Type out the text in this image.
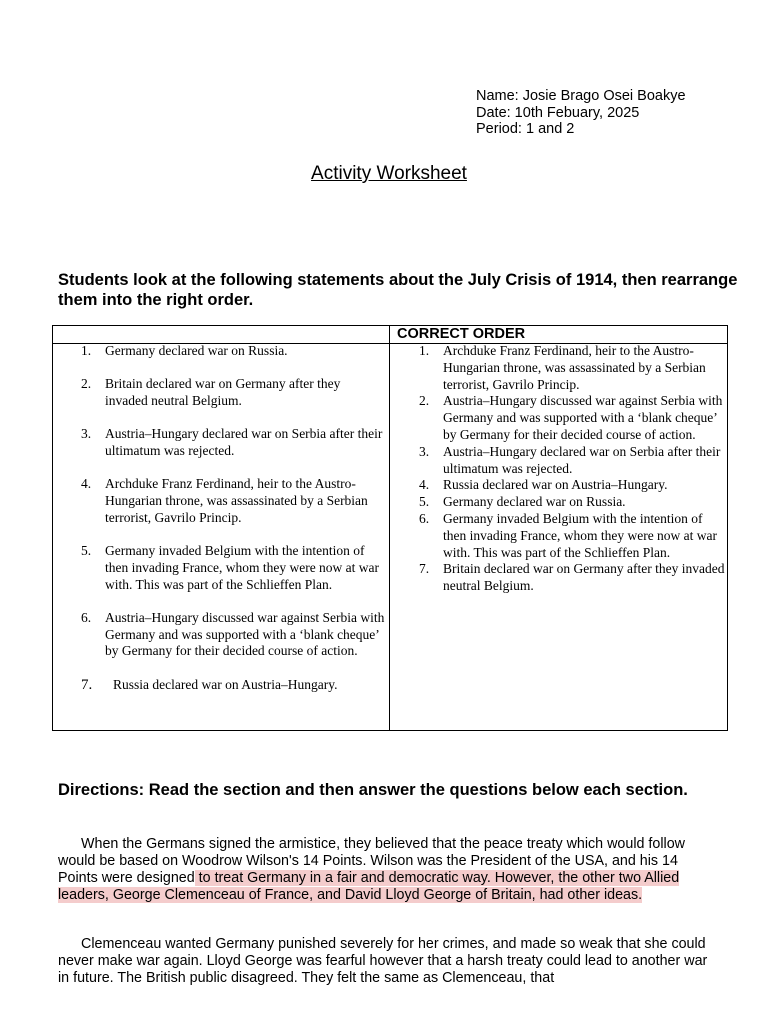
Name: Josie Brago Osei Boakye
Date: 10th Febuary, 2025
Period: 1 and 2
Activity Worksheet
Students look at the following statements about the July Crisis of 1914, then rearrange them into the right order.
CORRECT ORDER
1. Germany declared war on Russia.
2. Britain declared war on Germany after they invaded neutral Belgium.
3. Austria–Hungary declared war on Serbia after their ultimatum was rejected.
4. Archduke Franz Ferdinand, heir to the Austro-Hungarian throne, was assassinated by a Serbian terrorist, Gavrilo Princip.
5. Germany invaded Belgium with the intention of then invading France, whom they were now at war with. This was part of the Schlieffen Plan.
6. Austria–Hungary discussed war against Serbia with Germany and was supported with a ‘blank cheque’ by Germany for their decided course of action.
7. Russia declared war on Austria–Hungary.
1. Archduke Franz Ferdinand, heir to the Austro-Hungarian throne, was assassinated by a Serbian terrorist, Gavrilo Princip.
2. Austria–Hungary discussed war against Serbia with Germany and was supported with a ‘blank cheque’ by Germany for their decided course of action.
3. Austria–Hungary declared war on Serbia after their ultimatum was rejected.
4. Russia declared war on Austria–Hungary.
5. Germany declared war on Russia.
6. Germany invaded Belgium with the intention of then invading France, whom they were now at war with. This was part of the Schlieffen Plan.
7. Britain declared war on Germany after they invaded neutral Belgium.
Directions: Read the section and then answer the questions below each section.

When the Germans signed the armistice, they believed that the peace treaty which would follow would be based on Woodrow Wilson's 14 Points. Wilson was the President of the USA, and his 14 Points were designed to treat Germany in a fair and democratic way. However, the other two Allied leaders, George Clemenceau of France, and David Lloyd George of Britain, had other ideas.

Clemenceau wanted Germany punished severely for her crimes, and made so weak that she could never make war again. Lloyd George was fearful however that a harsh treaty could lead to another war in future. The British public disagreed. They felt the same as Clemenceau, that
